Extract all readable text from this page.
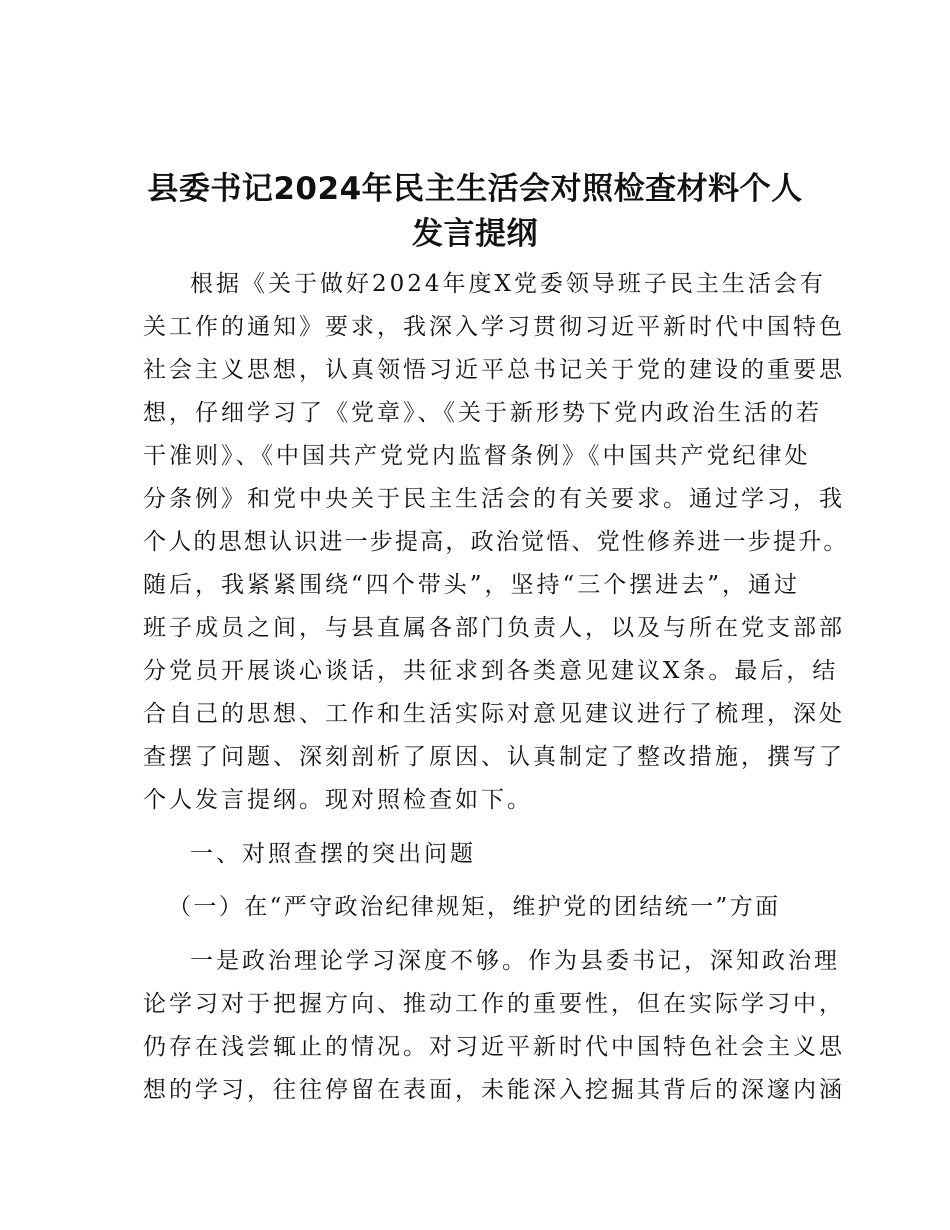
县委书记2024年民主生活会对照检查材料个人
发言提纲

根据《关于做好2024年度X党委领导班子民主生活会有

关工作的通知》要求，我深入学习贯彻习近平新时代中国特色

社会主义思想，认真领悟习近平总书记关于党的建设的重要思

想，仔细学习了《党章》、《关于新形势下党内政治生活的若

干准则》、《中国共产党党内监督条例》《中国共产党纪律处

分条例》和党中央关于民主生活会的有关要求。通过学习，我

个人的思想认识进一步提高，政治觉悟、党性修养进一步提升。

随后，我紧紧围绕“四个带头”，坚持“三个摆进去”，通过

班子成员之间，与县直属各部门负责人，以及与所在党支部部

分党员开展谈心谈话，共征求到各类意见建议X条。最后，结

合自己的思想、工作和生活实际对意见建议进行了梳理，深处

查摆了问题、深刻剖析了原因、认真制定了整改措施，撰写了

个人发言提纲。现对照检查如下。

一、对照查摆的突出问题

（一）在“严守政治纪律规矩，维护党的团结统一”方面

一是政治理论学习深度不够。作为县委书记，深知政治理

论学习对于把握方向、推动工作的重要性，但在实际学习中，

仍存在浅尝辄止的情况。对习近平新时代中国特色社会主义思

想的学习，往往停留在表面，未能深入挖掘其背后的深邃内涵
